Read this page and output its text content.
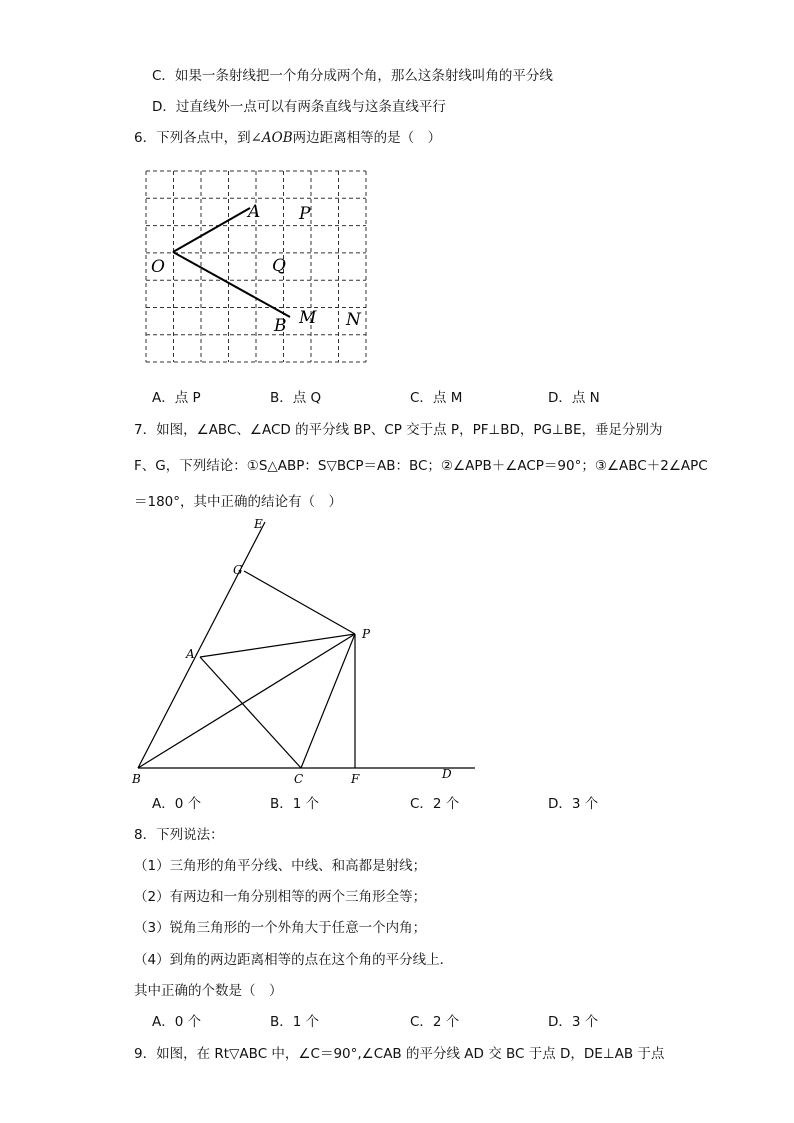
C．如果一条射线把一个角分成两个角，那么这条射线叫角的平分线
D．过直线外一点可以有两条直线与这条直线平行
6．下列各点中，到∠AOB两边距离相等的是（　）
A P
O	Q
B M N
A．点 P	B．点 Q	C．点 M	D．点 N
7．如图，∠ABC、∠ACD 的平分线 BP、CP 交于点 P，PF⊥BD，PG⊥BE，垂足分别为
F、G，下列结论：①S△ABP：S▽BCP＝AB：BC；②∠APB＋∠ACP＝90°；③∠ABC＋2∠APC
＝180°，其中正确的结论有（　）
E
G
P
A
B	C	F	D
A．0 个	B．1 个	C．2 个	D．3 个
8．下列说法：
（1）三角形的角平分线、中线、和高都是射线；
（2）有两边和一角分别相等的两个三角形全等；
（3）锐角三角形的一个外角大于任意一个内角；
（4）到角的两边距离相等的点在这个角的平分线上．
其中正确的个数是（　）
A．0 个	B．1 个	C．2 个	D．3 个
9．如图，在 Rt▽ABC 中，∠C＝90°,∠CAB 的平分线 AD 交 BC 于点 D，DE⊥AB 于点
